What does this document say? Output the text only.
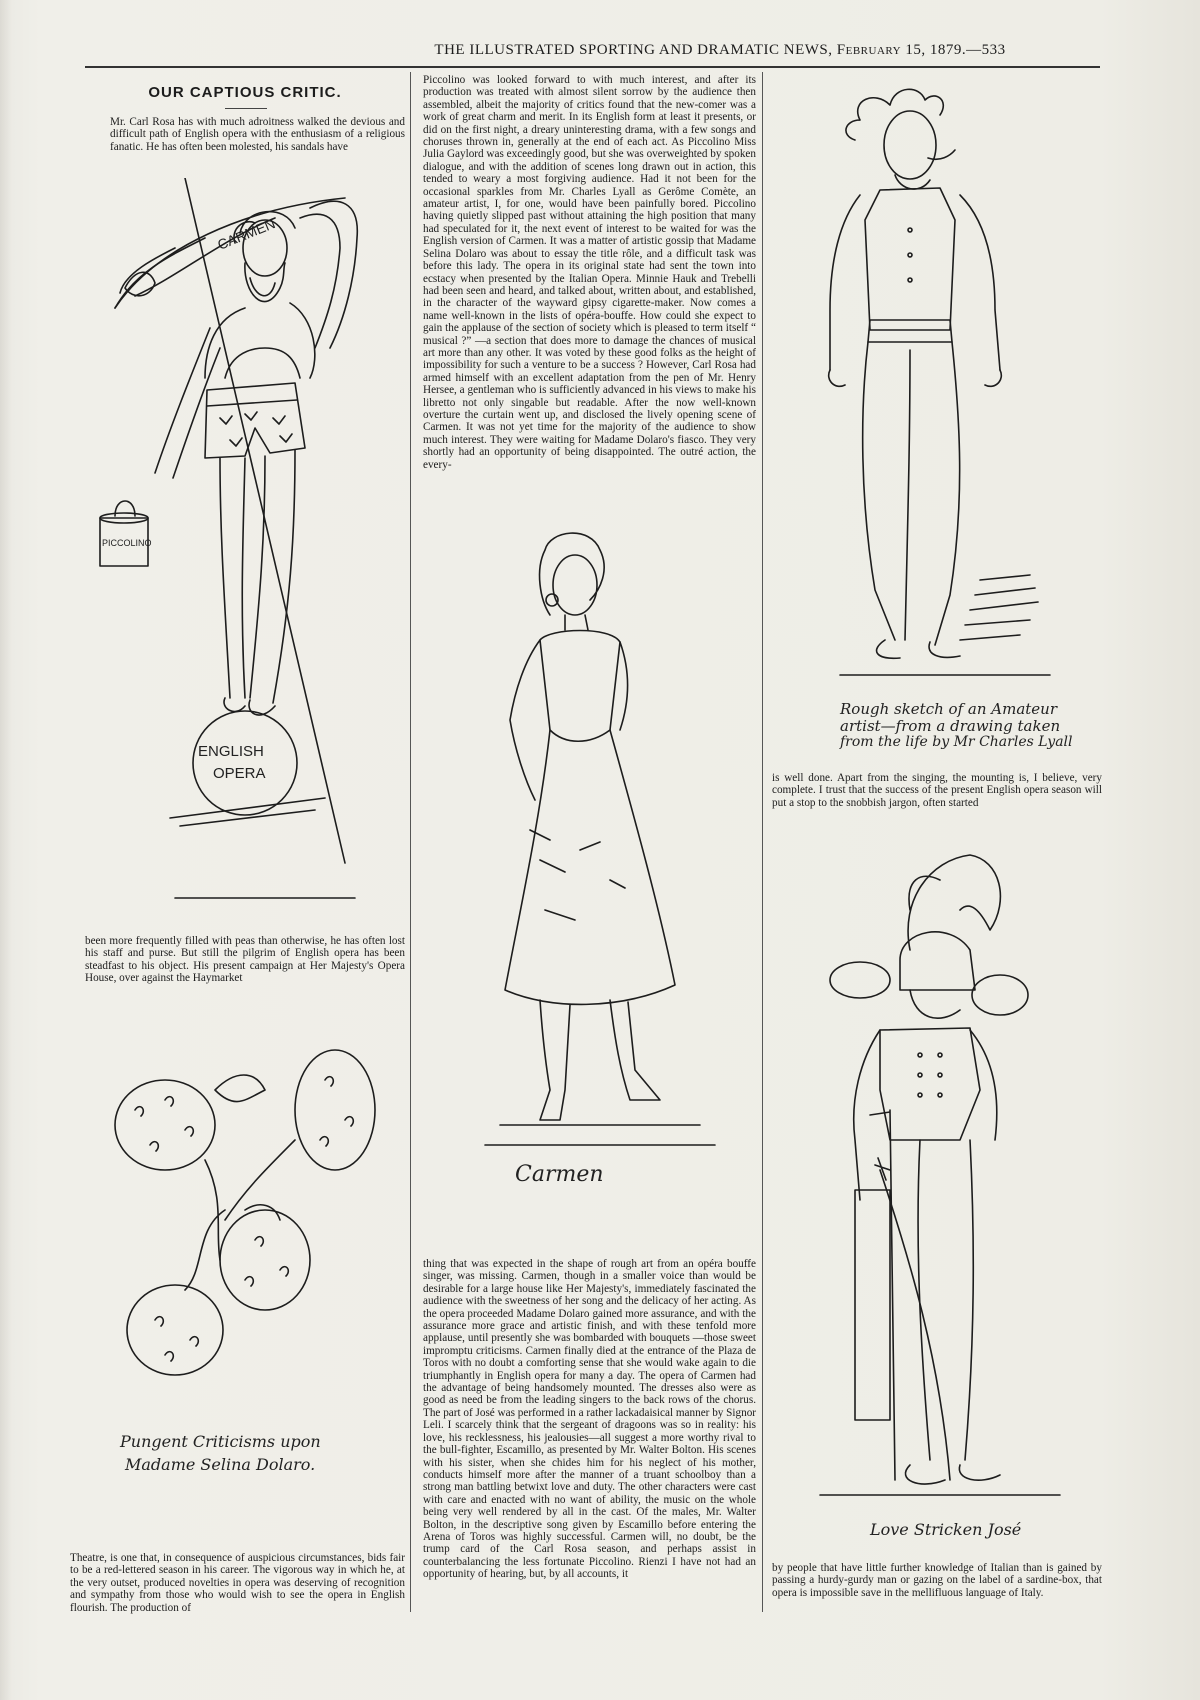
THE ILLUSTRATED SPORTING AND DRAMATIC NEWS, February 15, 1879.—533
OUR CAPTIOUS CRITIC.
Mr. Carl Rosa has with much adroitness walked the devious and difficult path of English opera with the enthusiasm of a religious fanatic. He has often been molested, his sandals have
CARMEN
PICCOLINO
ENGLISH
OPERA
been more frequently filled with peas than otherwise, he has often lost his staff and purse. But still the pilgrim of English opera has been steadfast to his object. His present campaign at Her Majesty's Opera House, over against the Haymarket
Pungent Criticisms upon
Madame Selina Dolaro.
Theatre, is one that, in consequence of auspicious circumstances, bids fair to be a red-lettered season in his career. The vigorous way in which he, at the very outset, produced novelties in opera was deserving of recognition and sympathy from those who would wish to see the opera in English flourish. The production of
Piccolino was looked forward to with much interest, and after its production was treated with almost silent sorrow by the audience then assembled, albeit the majority of critics found that the new-comer was a work of great charm and merit. In its English form at least it presents, or did on the first night, a dreary uninteresting drama, with a few songs and choruses thrown in, generally at the end of each act. As Piccolino Miss Julia Gaylord was exceedingly good, but she was overweighted by spoken dialogue, and with the addition of scenes long drawn out in action, this tended to weary a most forgiving audience. Had it not been for the occasional sparkles from Mr. Charles Lyall as Gerôme Comète, an amateur artist, I, for one, would have been painfully bored. Piccolino having quietly slipped past without attaining the high position that many had speculated for it, the next event of interest to be waited for was the English version of Carmen. It was a matter of artistic gossip that Madame Selina Dolaro was about to essay the title rôle, and a difficult task was before this lady. The opera in its original state had sent the town into ecstacy when presented by the Italian Opera. Minnie Hauk and Trebelli had been seen and heard, and talked about, written about, and established, in the character of the wayward gipsy cigarette-maker. Now comes a name well-known in the lists of opéra-bouffe. How could she expect to gain the applause of the section of society which is pleased to term itself “ musical ?” —a section that does more to damage the chances of musical art more than any other. It was voted by these good folks as the height of impossibility for such a venture to be a success ? However, Carl Rosa had armed himself with an excellent adaptation from the pen of Mr. Henry Hersee, a gentleman who is sufficiently advanced in his views to make his libretto not only singable but readable. After the now well-known overture the curtain went up, and disclosed the lively opening scene of Carmen. It was not yet time for the majority of the audience to show much interest. They were waiting for Madame Dolaro's fiasco. They very shortly had an opportunity of being disappointed. The outré action, the every-
Carmen
thing that was expected in the shape of rough art from an opéra bouffe singer, was missing. Carmen, though in a smaller voice than would be desirable for a large house like Her Majesty's, immediately fascinated the audience with the sweetness of her song and the delicacy of her acting. As the opera proceeded Madame Dolaro gained more assurance, and with the assurance more grace and artistic finish, and with these tenfold more applause, until presently she was bombarded with bouquets —those sweet impromptu criticisms. Carmen finally died at the entrance of the Plaza de Toros with no doubt a comforting sense that she would wake again to die triumphantly in English opera for many a day. The opera of Carmen had the advantage of being handsomely mounted. The dresses also were as good as need be from the leading singers to the back rows of the chorus. The part of José was performed in a rather lackadaisical manner by Signor Leli. I scarcely think that the sergeant of dragoons was so in reality: his love, his recklessness, his jealousies—all suggest a more worthy rival to the bull-fighter, Escamillo, as presented by Mr. Walter Bolton. His scenes with his sister, when she chides him for his neglect of his mother, conducts himself more after the manner of a truant schoolboy than a strong man battling betwixt love and duty. The other characters were cast with care and enacted with no want of ability, the music on the whole being very well rendered by all in the cast. Of the males, Mr. Walter Bolton, in the descriptive song given by Escamillo before entering the Arena of Toros was highly successful. Carmen will, no doubt, be the trump card of the Carl Rosa season, and perhaps assist in counterbalancing the less fortunate Piccolino. Rienzi I have not had an opportunity of hearing, but, by all accounts, it
Rough sketch of an Amateur
artist—from a drawing taken
from the life by Mr Charles Lyall
is well done. Apart from the singing, the mounting is, I believe, very complete. I trust that the success of the present English opera season will put a stop to the snobbish jargon, often started
Love Stricken José
by people that have little further knowledge of Italian than is gained by passing a hurdy-gurdy man or gazing on the label of a sardine-box, that opera is impossible save in the mellifluous language of Italy.
